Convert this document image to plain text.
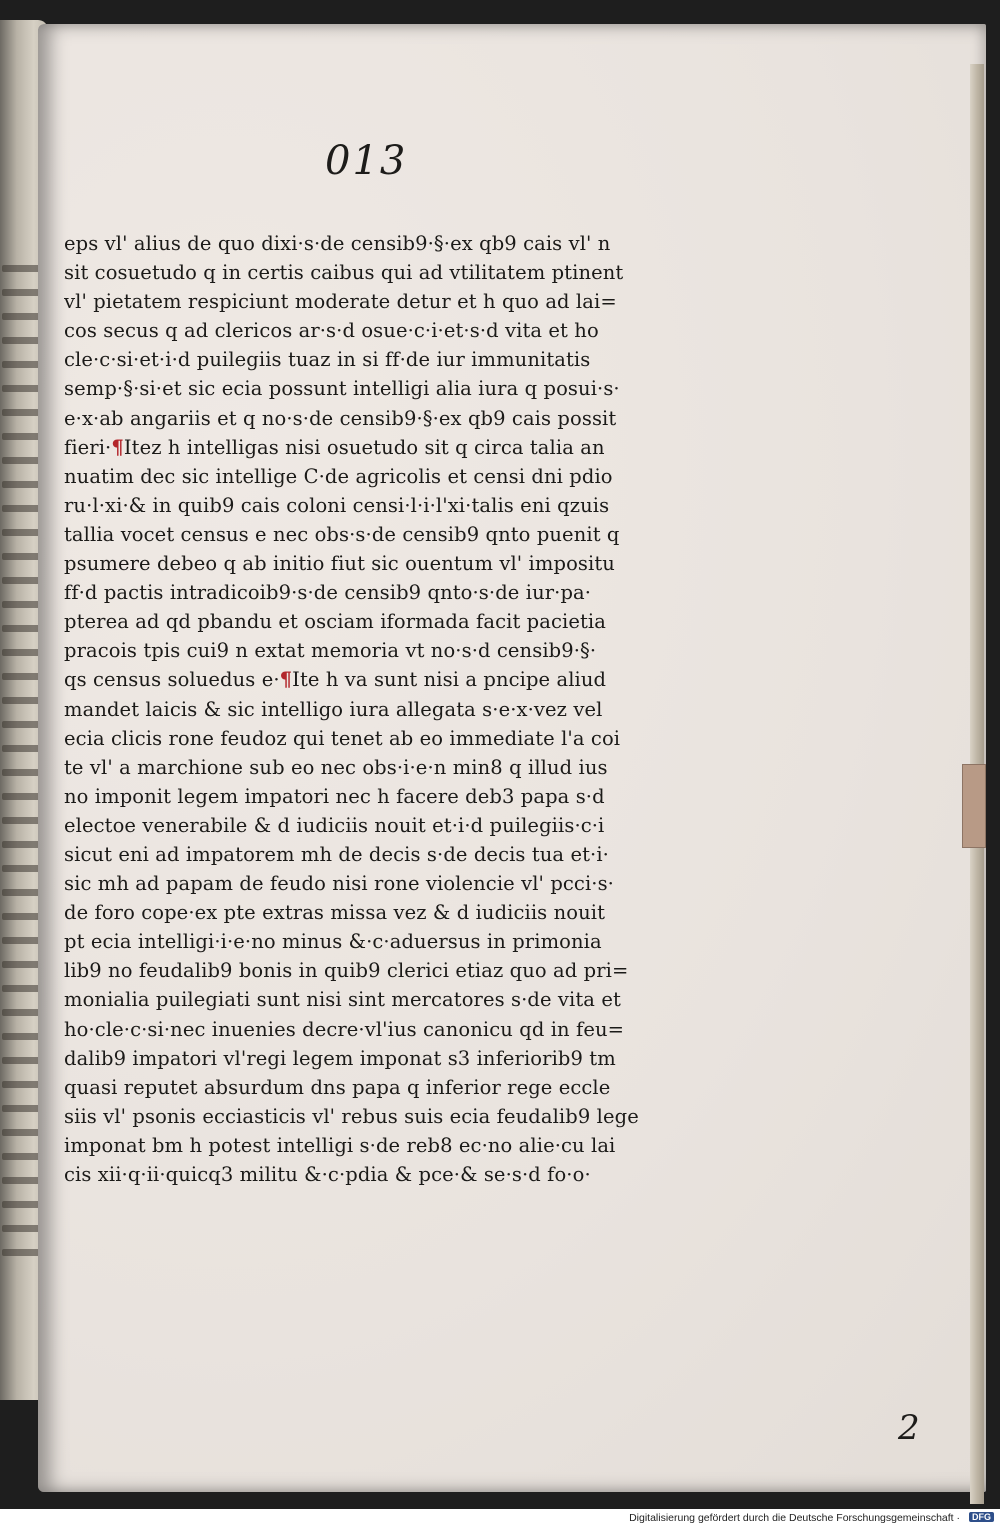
013
eps vl' alius de quo dixi·s·de censib9·§·ex qb9 cais vl' n
sit cosuetudo q in certis caibus qui ad vtilitatem ptinent
vl' pietatem respiciunt moderate detur et h quo ad lai=
cos secus q ad clericos ar·s·d osue·c·i·et·s·d vita et ho
cle·c·si·et·i·d puilegiis tuaz in si ff·de iur immunitatis
semp·§·si·et sic ecia possunt intelligi alia iura q posui·s·
e·x·ab angariis et q no·s·de censib9·§·ex qb9 cais possit
fieri·¶Itez h intelligas nisi osuetudo sit q circa talia an
nuatim dec sic intellige C·de agricolis et censi dni pdio
ru·l·xi·& in quib9 cais coloni censi·l·i·l'xi·talis eni qzuis
tallia vocet census e nec obs·s·de censib9 qnto puenit q
psumere debeo q ab initio fiut sic ouentum vl' impositu
ff·d pactis intradicoib9·s·de censib9 qnto·s·de iur·pa·
pterea ad qd pbandu et osciam iformada facit pacietia
pracois tpis cui9 n extat memoria vt no·s·d censib9·§·
qs census soluedus e·¶Ite h va sunt nisi a pncipe aliud
mandet laicis & sic intelligo iura allegata s·e·x·vez vel
ecia clicis rone feudoz qui tenet ab eo immediate l'a coi
te vl' a marchione sub eo nec obs·i·e·n min8 q illud ius
no imponit legem impatori nec h facere deb3 papa s·d
electoe venerabile & d iudiciis nouit et·i·d puilegiis·c·i
sicut eni ad impatorem mh de decis s·de decis tua et·i·
sic mh ad papam de feudo nisi rone violencie vl' pcci·s·
de foro cope·ex pte extras missa vez & d iudiciis nouit
pt ecia intelligi·i·e·no minus &·c·aduersus in primonia
lib9 no feudalib9 bonis in quib9 clerici etiaz quo ad pri=
monialia puilegiati sunt nisi sint mercatores s·de vita et
ho·cle·c·si·nec inuenies decre·vl'ius canonicu qd in feu=
dalib9 impatori vl'regi legem imponat s3 inferiorib9 tm
quasi reputet absurdum dns papa q inferior rege eccle
siis vl' psonis ecciasticis vl' rebus suis ecia feudalib9 lege
imponat bm h potest intelligi s·de reb8 ec·no alie·cu lai
cis xii·q·ii·quicq3 militu &·c·pdia & pce·& se·s·d fo·o·
2
Digitalisierung gefördert durch die Deutsche Forschungsgemeinschaft ·	DFG
